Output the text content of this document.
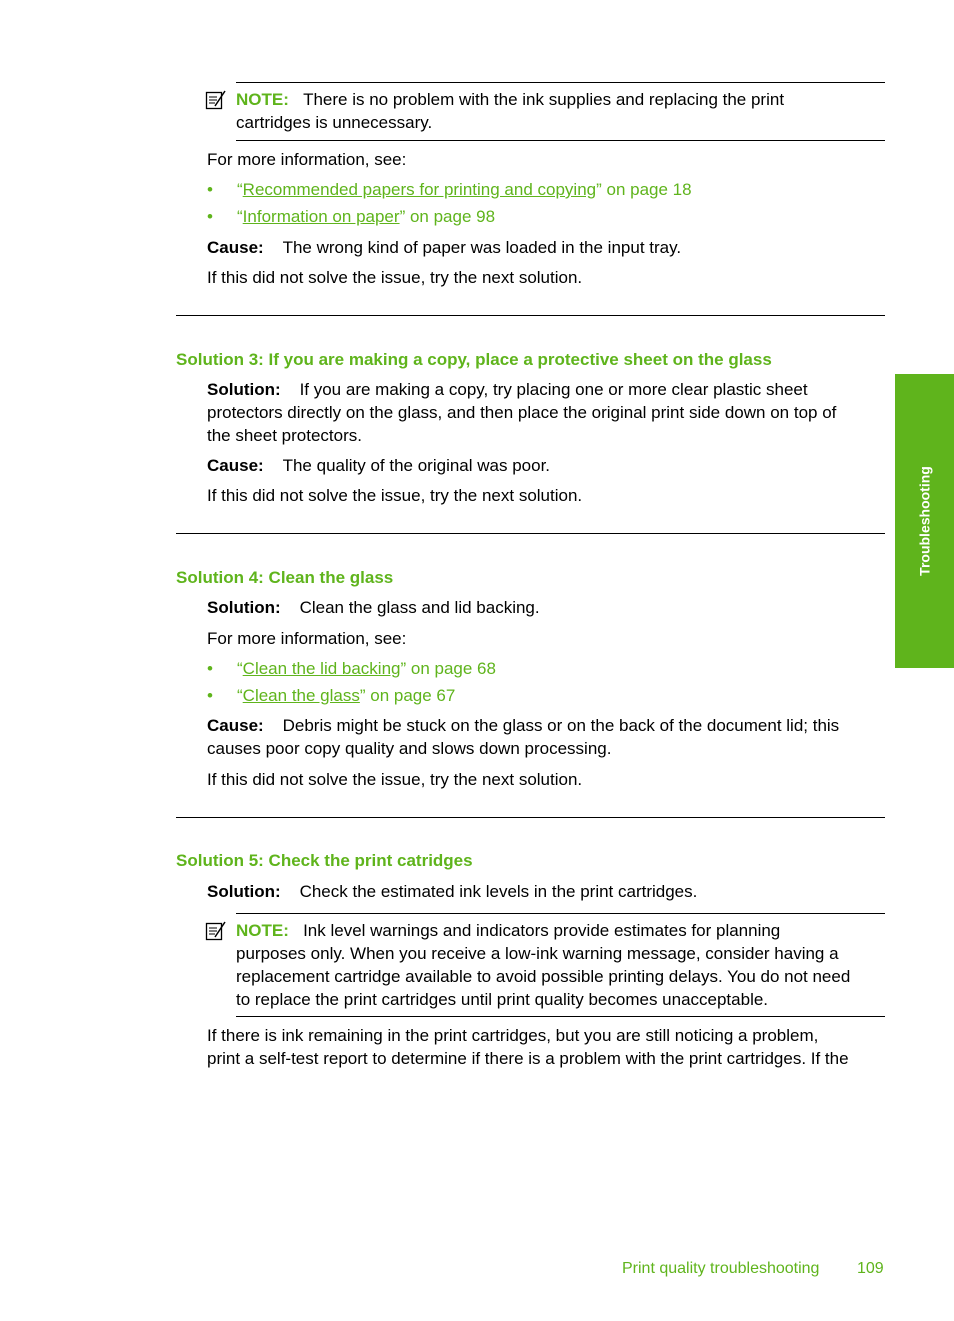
NOTE: There is no problem with the ink supplies and replacing the print
cartridges is unnecessary.
For more information, see:
• “Recommended papers for printing and copying” on page 18
• “Information on paper” on page 98
Cause: The wrong kind of paper was loaded in the input tray.
If this did not solve the issue, try the next solution.
Solution 3: If you are making a copy, place a protective sheet on the glass
Solution: If you are making a copy, try placing one or more clear plastic sheet
protectors directly on the glass, and then place the original print side down on top of
the sheet protectors.
Cause: The quality of the original was poor.
If this did not solve the issue, try the next solution.
Solution 4: Clean the glass
Solution: Clean the glass and lid backing.
For more information, see:
• “Clean the lid backing” on page 68
• “Clean the glass” on page 67
Cause: Debris might be stuck on the glass or on the back of the document lid; this
causes poor copy quality and slows down processing.
If this did not solve the issue, try the next solution.
Solution 5: Check the print catridges
Solution: Check the estimated ink levels in the print cartridges.
NOTE: Ink level warnings and indicators provide estimates for planning
purposes only. When you receive a low-ink warning message, consider having a
replacement cartridge available to avoid possible printing delays. You do not need
to replace the print cartridges until print quality becomes unacceptable.
If there is ink remaining in the print cartridges, but you are still noticing a problem,
print a self-test report to determine if there is a problem with the print cartridges. If the
Troubleshooting
Print quality troubleshooting 109
